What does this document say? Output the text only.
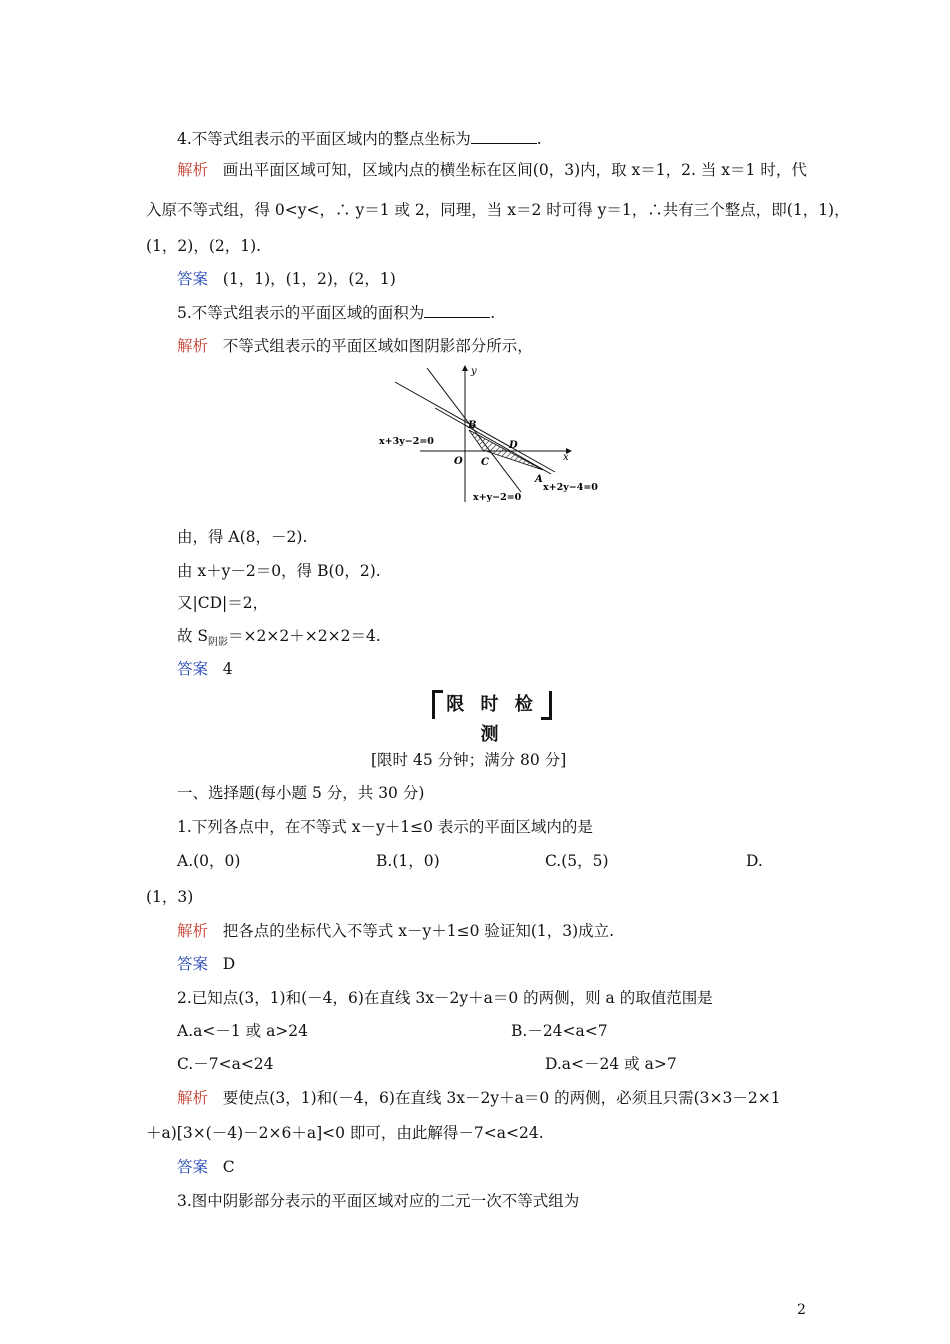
4.不等式组表示的平面区域内的整点坐标为	.
解析 画出平面区域可知，区域内点的横坐标在区间(0，3)内，取 x＝1，2. 当 x＝1 时，代
入原不等式组，得 0<y<，∴ y＝1 或 2，同理，当 x＝2 时可得 y＝1，∴共有三个整点，即(1，1)，
(1，2)，(2，1).
答案 (1，1)，(1，2)，(2，1)
5.不等式组表示的平面区域的面积为	.
解析 不等式组表示的平面区域如图阴影部分所示，
y
x
O
B
C
D
A
x+3y−2=0
x+y−2=0
x+2y−4=0
由，得 A(8，－2).
由 x＋y－2＝0，得 B(0，2).
又|CD|＝2，
故 $S_{阴影}=\times 2\times 2+\times 2\times 2=4$.
答案 4
限 时 检 测
[限时 45 分钟；满分 80 分]
一、选择题(每小题 5 分，共 30 分)
1.下列各点中，在不等式 x－y＋1≤0 表示的平面区域内的是
A.(0，0)	B.(1，0)	C.(5，5)	D.
(1，3)
解析 把各点的坐标代入不等式 x－y＋1≤0 验证知(1，3)成立.
答案 D
2.已知点(3，1)和(－4，6)在直线 3x－2y＋a＝0 的两侧，则 a 的取值范围是
A.a<－1 或 a>24	B.－24<a<7
C.－7<a<24	D.a<－24 或 a>7
解析 要使点(3，1)和(－4，6)在直线 3x－2y＋a＝0 的两侧，必须且只需(3×3－2×1
＋a)[3×(－4)－2×6＋a]<0 即可，由此解得－7<a<24.
答案 C
3.图中阴影部分表示的平面区域对应的二元一次不等式组为
2
